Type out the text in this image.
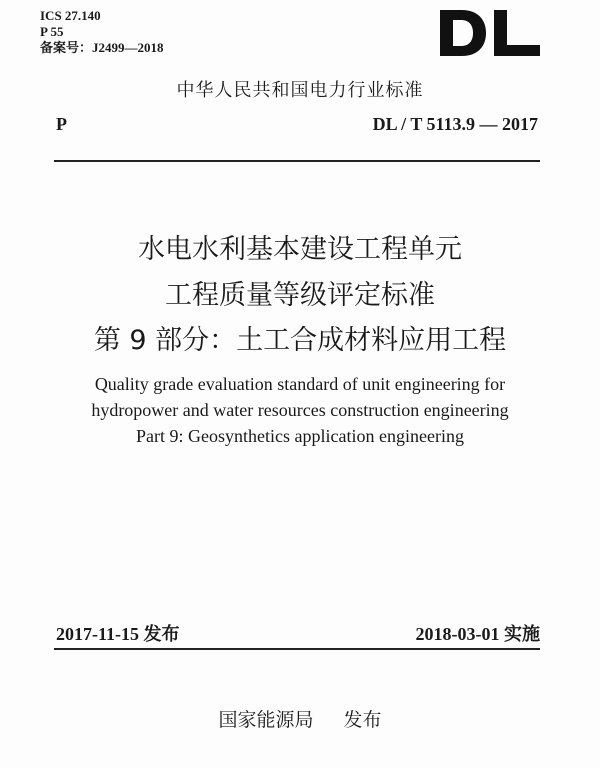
ICS 27.140
P 55
备案号：J2499—2018
中华人民共和国电力行业标准
P	DL / T 5113.9 — 2017
水电水利基本建设工程单元
工程质量等级评定标准
第 9 部分：土工合成材料应用工程
Quality grade evaluation standard of unit engineering for
hydropower and water resources construction engineering
Part 9: Geosynthetics application engineering
2017-11-15 发布	2018-03-01 实施
国家能源局 发布
